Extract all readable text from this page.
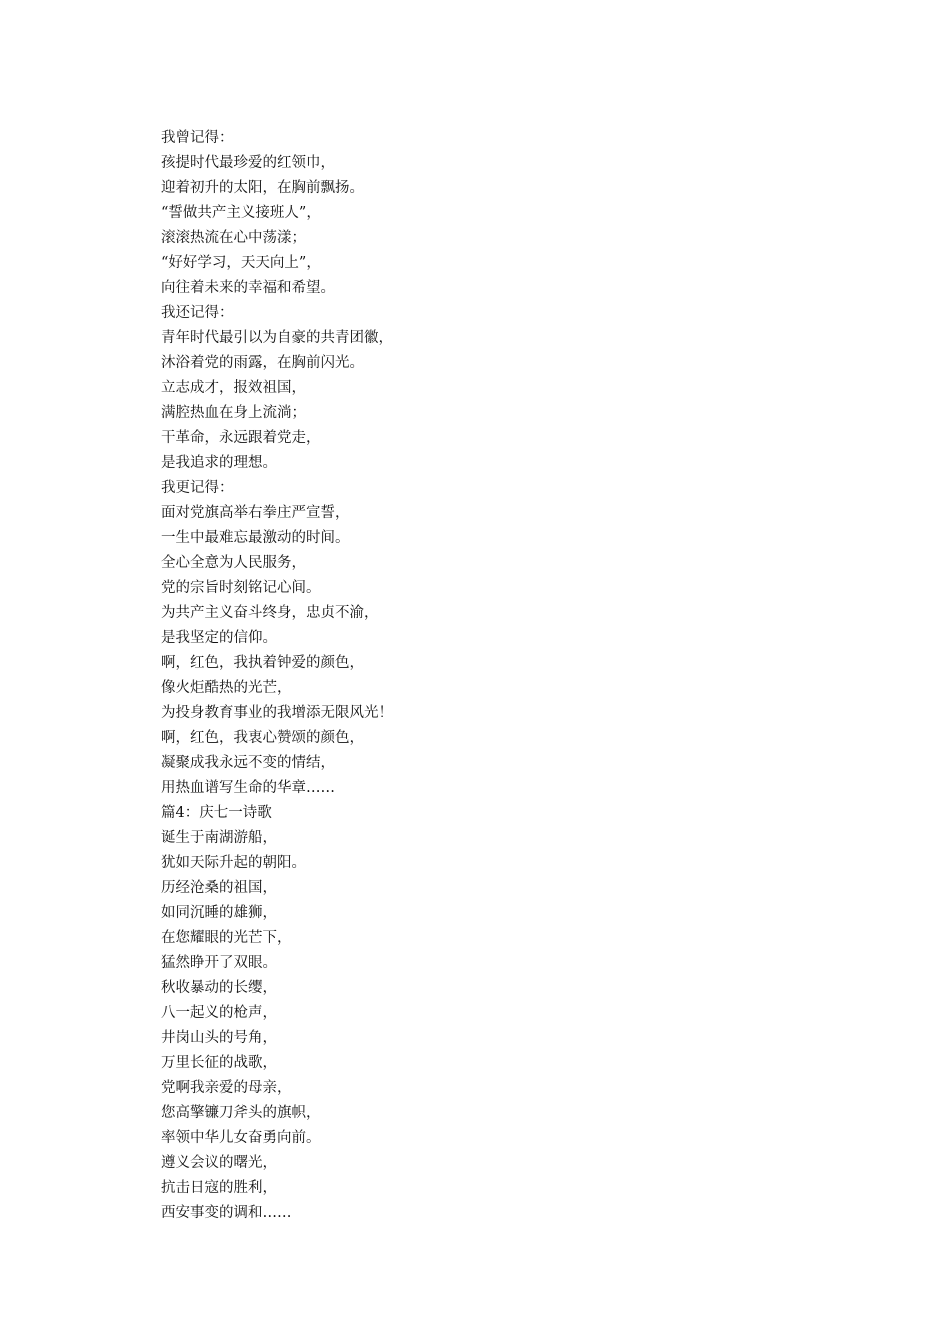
我曾记得：
孩提时代最珍爱的红领巾，
迎着初升的太阳，在胸前飘扬。
“誓做共产主义接班人”，
滚滚热流在心中荡漾；
“好好学习，天天向上”，
向往着未来的幸福和希望。
我还记得：
青年时代最引以为自豪的共青团徽，
沐浴着党的雨露，在胸前闪光。
立志成才，报效祖国，
满腔热血在身上流淌；
干革命，永远跟着党走，
是我追求的理想。
我更记得：
面对党旗高举右拳庄严宣誓，
一生中最难忘最激动的时间。
全心全意为人民服务，
党的宗旨时刻铭记心间。
为共产主义奋斗终身，忠贞不渝，
是我坚定的信仰。
啊，红色，我执着钟爱的颜色，
像火炬酷热的光芒，
为投身教育事业的我增添无限风光！
啊，红色，我衷心赞颂的颜色，
凝聚成我永远不变的情结，
用热血谱写生命的华章……
篇4：庆七一诗歌
诞生于南湖游船，
犹如天际升起的朝阳。
历经沧桑的祖国，
如同沉睡的雄狮，
在您耀眼的光芒下，
猛然睁开了双眼。
秋收暴动的长缨，
八一起义的枪声，
井岗山头的号角，
万里长征的战歌，
党啊我亲爱的母亲，
您高擎镰刀斧头的旗帜，
率领中华儿女奋勇向前。
遵义会议的曙光，
抗击日寇的胜利，
西安事变的调和……
